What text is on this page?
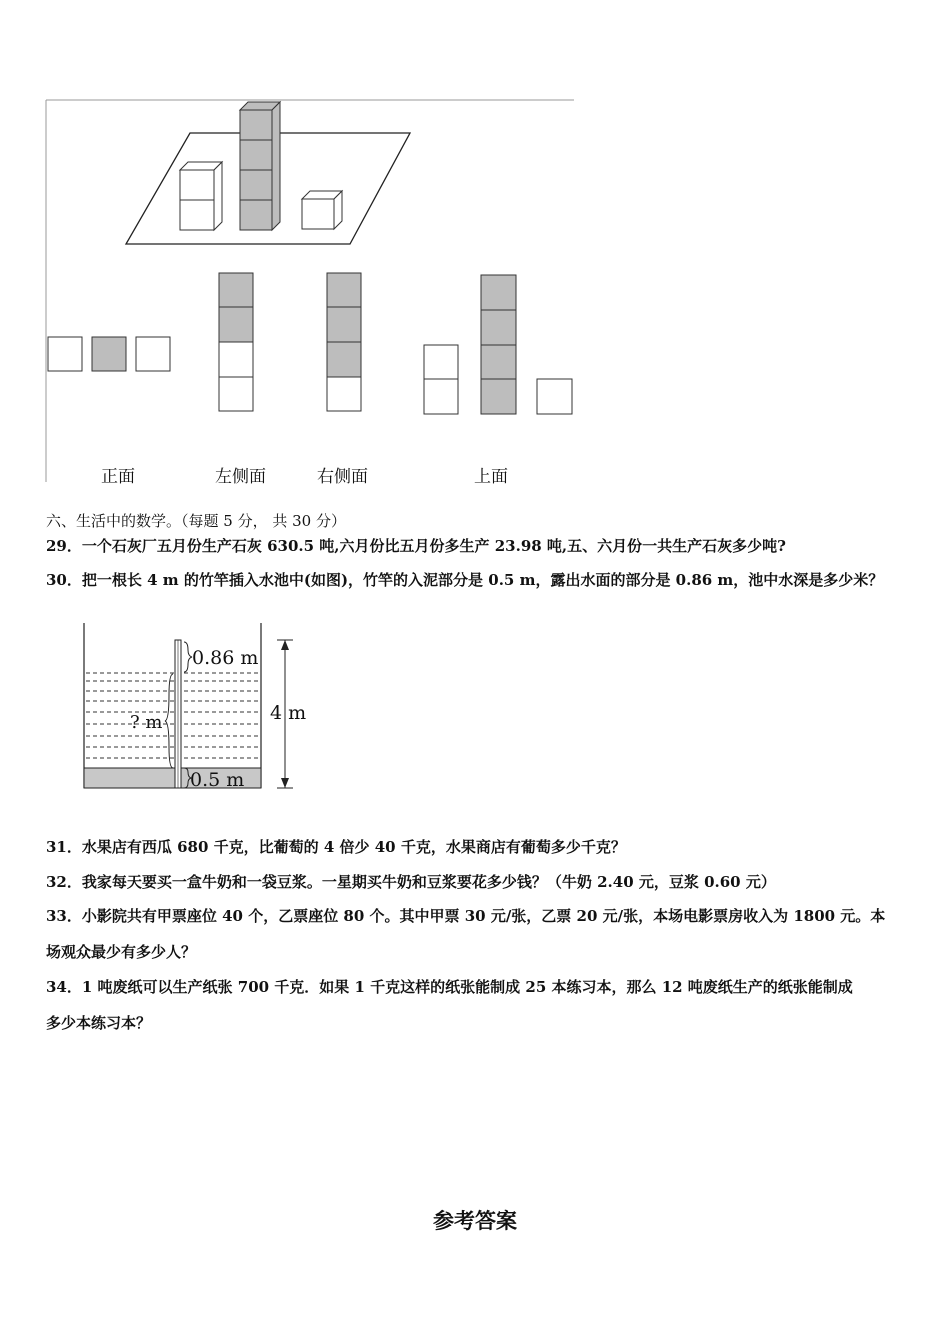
正面	左侧面	右侧面	上面
六、生活中的数学。（每题 5 分， 共 30 分）
29．一个石灰厂五月份生产石灰 630.5 吨,六月份比五月份多生产 23.98 吨,五、六月份一共生产石灰多少吨?
30．把一根长 4 m 的竹竿插入水池中(如图)，竹竿的入泥部分是 0.5 m，露出水面的部分是 0.86 m，池中水深是多少米？
0.86 m
? m	4 m
0.5 m
31．水果店有西瓜 680 千克，比葡萄的 4 倍少 40 千克，水果商店有葡萄多少千克？
32．我家每天要买一盒牛奶和一袋豆浆。一星期买牛奶和豆浆要花多少钱？（牛奶 2.40 元，豆浆 0.60 元）
33．小影院共有甲票座位 40 个，乙票座位 80 个。其中甲票 30 元/张，乙票 20 元/张，本场电影票房收入为 1800 元。本
场观众最少有多少人？
34．1 吨废纸可以生产纸张 700 千克．如果 1 千克这样的纸张能制成 25 本练习本，那么 12 吨废纸生产的纸张能制成
多少本练习本？
参考答案
